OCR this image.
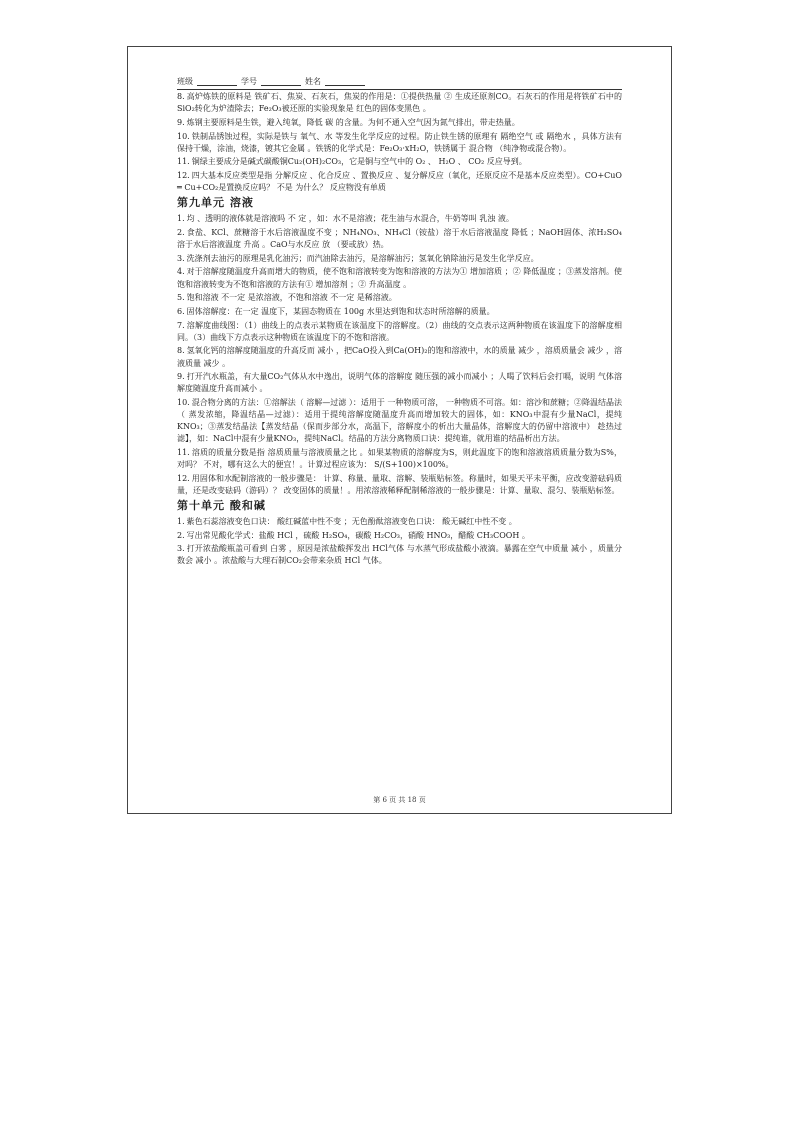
班级	学号	姓名
8. 高炉炼铁的原料是 铁矿石、焦炭、石灰石，焦炭的作用是：①提供热量 ② 生成还原剂CO。石灰石的作用是将铁矿石中的SiO₂转化为炉渣除去；Fe₂O₃被还原的实验现象是 红色的固体变黑色 。
9. 炼钢主要原料是生铁，避入纯氧，降低 碳 的含量。为何不通入空气因为氮气排出，带走热量。
10. 铁制品锈蚀过程，实际是铁与 氧气、水 等发生化学反应的过程。防止铁生锈的原理有 隔绝空气 或 隔绝水 ，具体方法有保持干燥，涂油，烧漆，镀其它金属 。铁锈的化学式是：Fe₂O₃·xH₂O，铁锈属于 混合物 （纯净物或混合物）。
11. 铜绿主要成分是碱式碳酸铜Cu₂(OH)₂CO₃，它是铜与空气中的 O₂ 、 H₂O 、 CO₂ 反应导到。
12. 四大基本反应类型是指 分解反应 、化合反应 、置换反应 、复分解反应（氧化，还原反应不是基本反应类型）。CO+CuO ═ Cu+CO₂是置换反应吗？ 不是 为什么？ 反应物没有单质
第九单元 溶液
1. 均 、透明的液体就是溶液吗 不 定 ，如：水不是溶液；花生油与水混合，牛奶等叫 乳浊 液。
2. 食盐、KCl、蔗糖溶于水后溶液温度不变 ；NH₄NO₃、NH₄Cl（铵盐）溶于水后溶液温度 降低 ；NaOH固体、浓H₂SO₄溶于水后溶液温度 升高 。CaO与水反应 放 （要或放）热。
3. 洗涤剂去油污的原理是乳化油污；而汽油除去油污，是溶解油污；氢氧化钠除油污是发生化学反应。
4. 对于溶解度随温度升高而增大的物质，使不饱和溶液转变为饱和溶液的方法为① 增加溶质 ；② 降低温度 ；③蒸发溶剂。使饱和溶液转变为不饱和溶液的方法有① 增加溶剂 ；② 升高温度 。
5. 饱和溶液 不一定 是浓溶液，不饱和溶液 不一定 是稀溶液。
6. 固体溶解度：在一定 温度下，某固态物质在 100g 水里达到饱和状态时所溶解的质量。
7. 溶解度曲线图：（1）曲线上的点表示某物质在该温度下的溶解度。（2）曲线的交点表示这两种物质在该温度下的溶解度相同。（3）曲线下方点表示这种物质在该温度下的不饱和溶液。
8. 氢氧化钙的溶解度随温度的升高反而 减小 ，把CaO投入到Ca(OH)₂的饱和溶液中，水的质量 减少 ，溶质质量会 减少 ，溶液质量 减少 。
9. 打开汽水瓶盖，有大量CO₂气体从水中逸出，说明气体的溶解度 随压强的减小而减小 ；人喝了饮料后会打嗝，说明 气体溶解度随温度升高而减小 。
10. 混合物分离的方法：①溶解法（ 溶解—过滤 ）：适用于 一种物质可溶， 一种物质不可溶。如：溶沙和蔗糖；②降温结晶法（ 蒸发浓缩，降温结晶—过滤）：适用于提纯溶解度随温度升高而增加较大的固体，如：KNO₃中混有少量NaCl，提纯KNO₃；③蒸发结晶法【蒸发结晶（保而步部分水，高温下，溶解度小的析出大量晶体，溶解度大的仍留中溶液中） 趁热过滤】，如：NaCl中混有少量KNO₃，提纯NaCl。结晶的方法分离物质口诀：提纯谁，就用谁的结晶析出方法。
11. 溶质的质量分数是指 溶质质量与溶液质量之比 。如果某物质的溶解度为S，则此温度下的饱和溶液溶质质量分数为S%，对吗？ 不对，哪有这么大的便宜！。计算过程应该为： S/(S+100)×100%。
12. 用固体和水配制溶液的一般步骤是： 计算、称量、量取、溶解、装瓶贴标签。称量时，如果天平未平衡，应改变游砝码质量，还是改变砝码（游码）？ 改变固体的质量！。用浓溶液稀释配制稀溶液的一般步骤是：计算、量取、混匀、装瓶贴标签。
第十单元 酸和碱
1. 紫色石蕊溶液变色口诀： 酸红碱蓝中性不变 ；无色酚酞溶液变色口诀： 酸无碱红中性不变 。
2. 写出常见酸化学式：盐酸 HCl ，硫酸 H₂SO₄，碳酸 H₂CO₃，硝酸 HNO₃，醋酸 CH₃COOH 。
3. 打开浓盐酸瓶盖可看到 白雾 ，原因是浓盐酸挥发出 HCl气体 与水蒸气形成盐酸小液滴。暴露在空气中质量 减小 ，质量分数会 减小 。浓盐酸与大理石制CO₂会带来杂质 HCl 气体。
第 6 页 共 18 页
